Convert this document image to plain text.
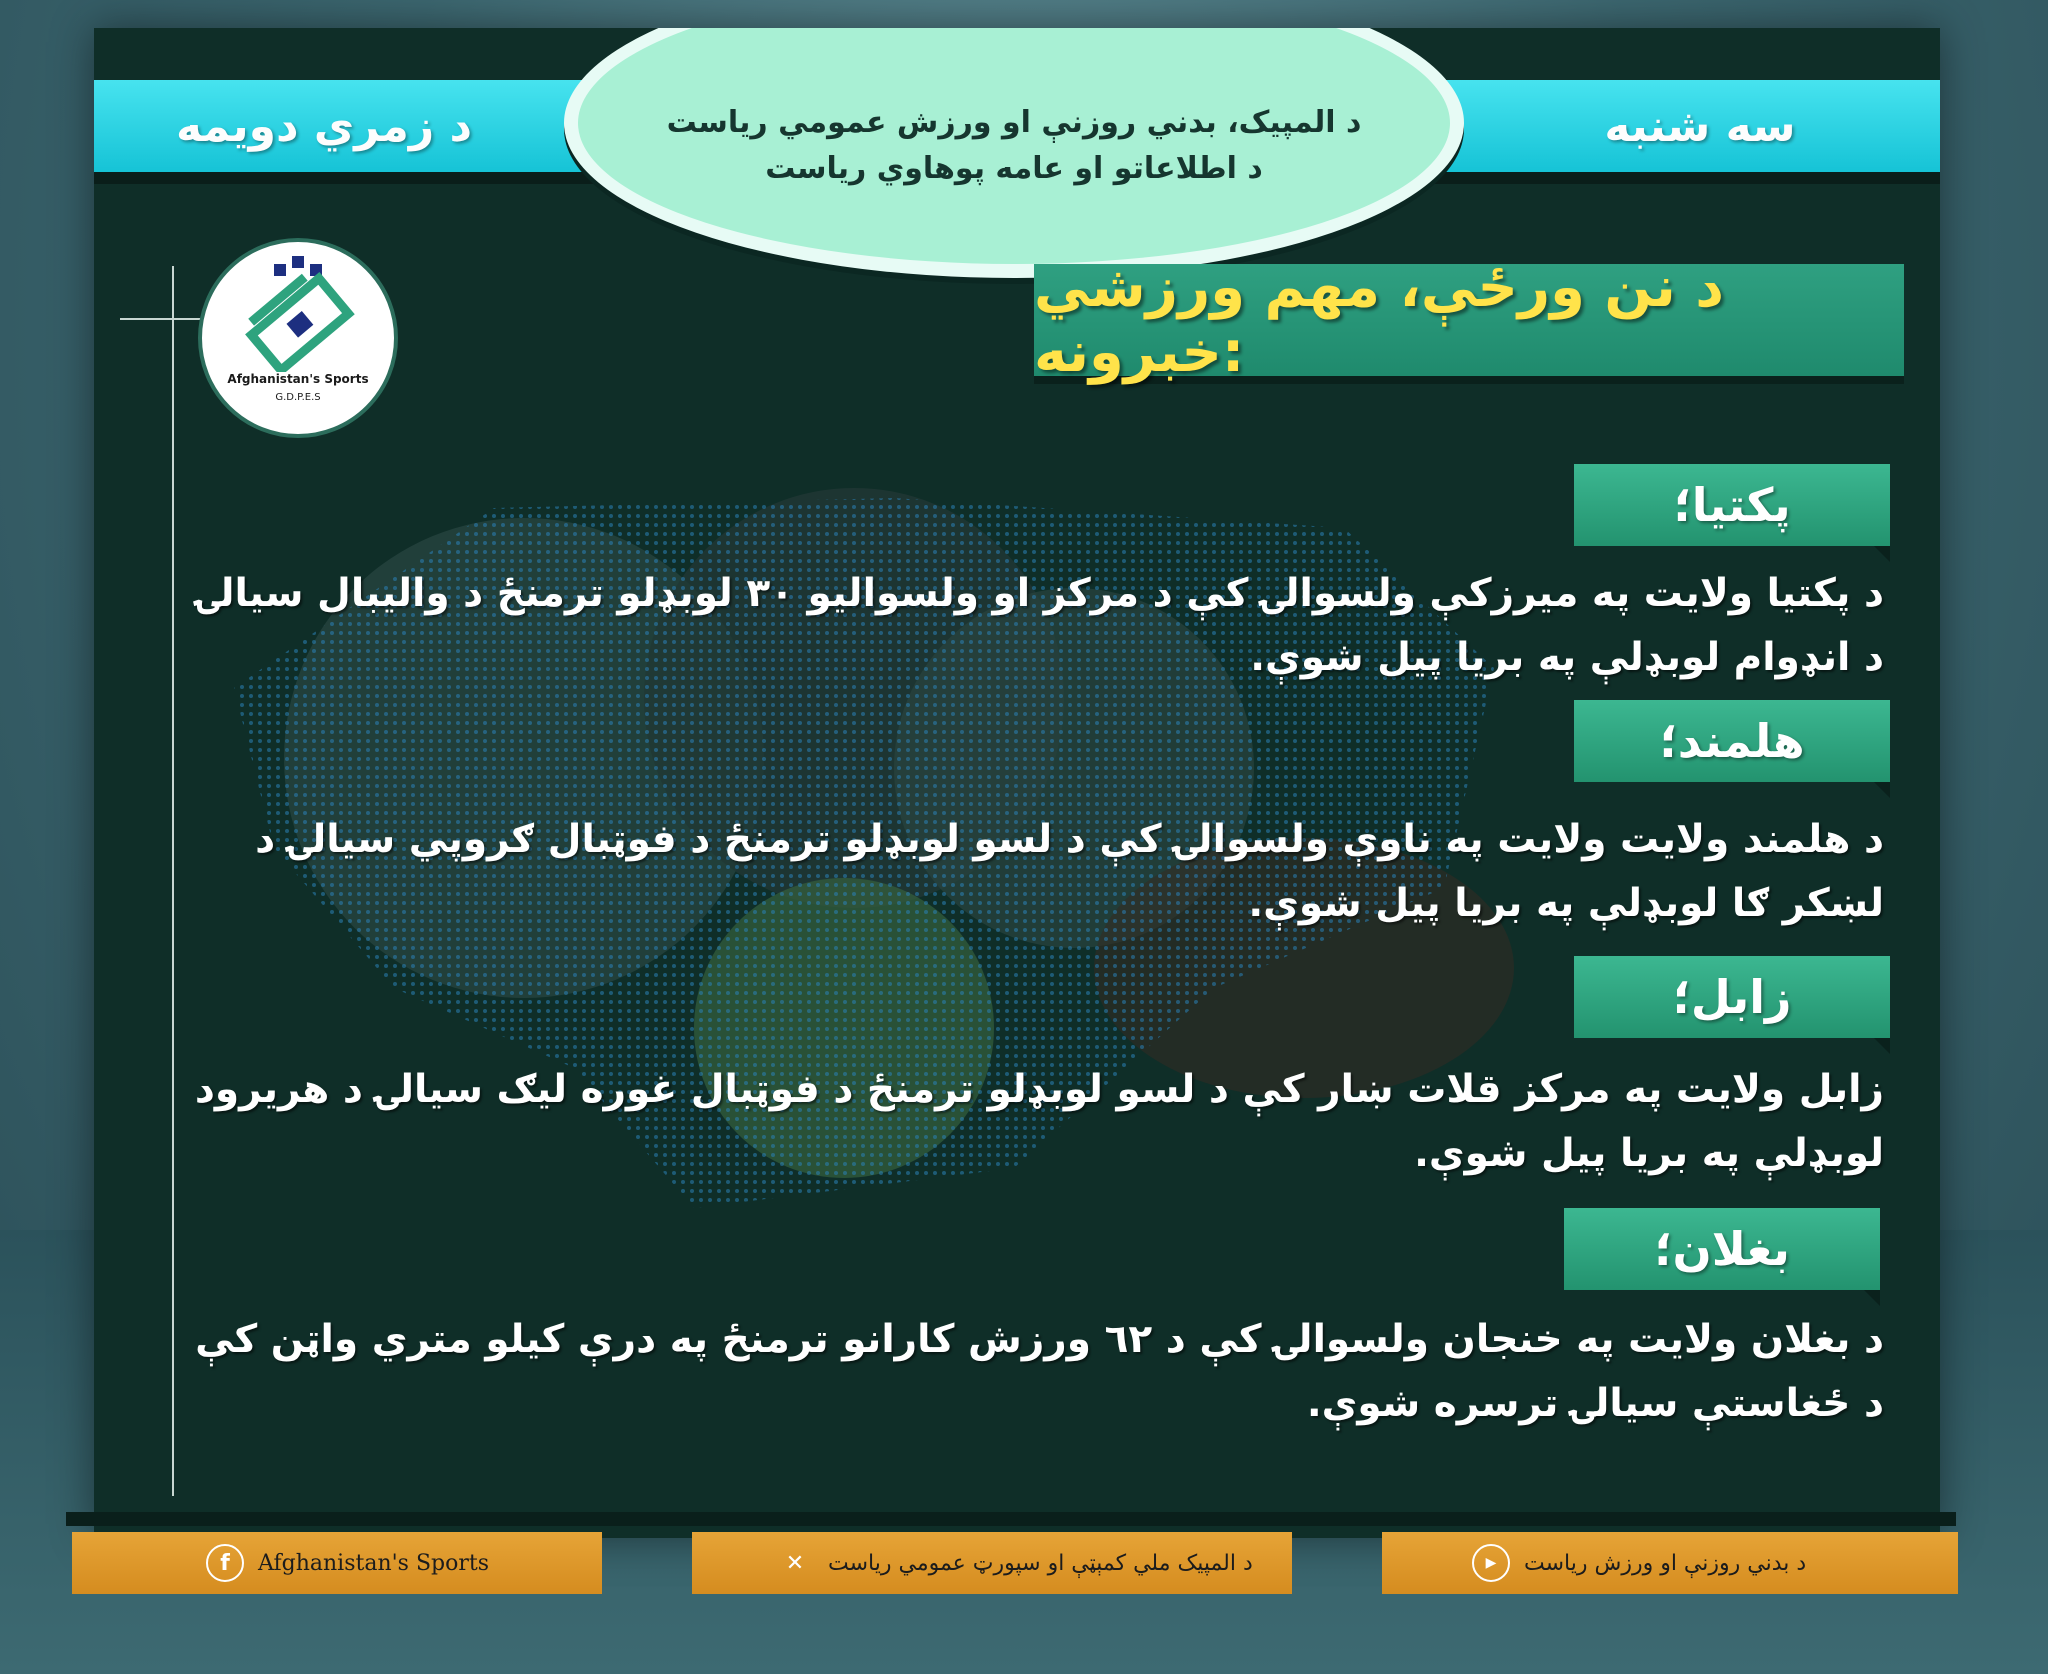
د زمري دويمه	سه شنبه
د المپیک، بدني روزنې او ورزش عمومي ریاست
د اطلاعاتو او عامه پوهاوي ریاست
Afghanistan's Sports
G.D.P.E.S
د نن ورځې، مهم ورزشي خبرونه:
پکتیا؛
د پکتیا ولایت په میرزکې ولسوالۍ کې د مرکز او ولسوالیو ۳۰ لوبډلو ترمنځ د والیبال سیالۍ د انډوام لوبډلې په بریا پیل شوې.
هلمند؛
د هلمند ولایت ولایت په ناوې ولسوالۍ کې د لسو لوبډلو ترمنځ د فوټبال ګروپي سیالۍ د لښکر ګا لوبډلې په بریا پیل شوې.
زابل؛
زابل ولایت په مرکز قلات ښار کې د لسو لوبډلو ترمنځ د فوټبال غوره لیګ سیالۍ د هریرود لوبډلې په بریا پیل شوې.
بغلان؛
د بغلان ولایت په خنجان ولسوالۍ کې د ٦٢ ورزش کارانو ترمنځ په درې کیلو متري واټن کې د ځغاستې سیالۍ ترسره شوې.
f	Afghanistan's Sports	✕	د المپیک ملي کمېټې او سپورټ عمومي ریاست	▶	د بدني روزنې او ورزش ریاست
